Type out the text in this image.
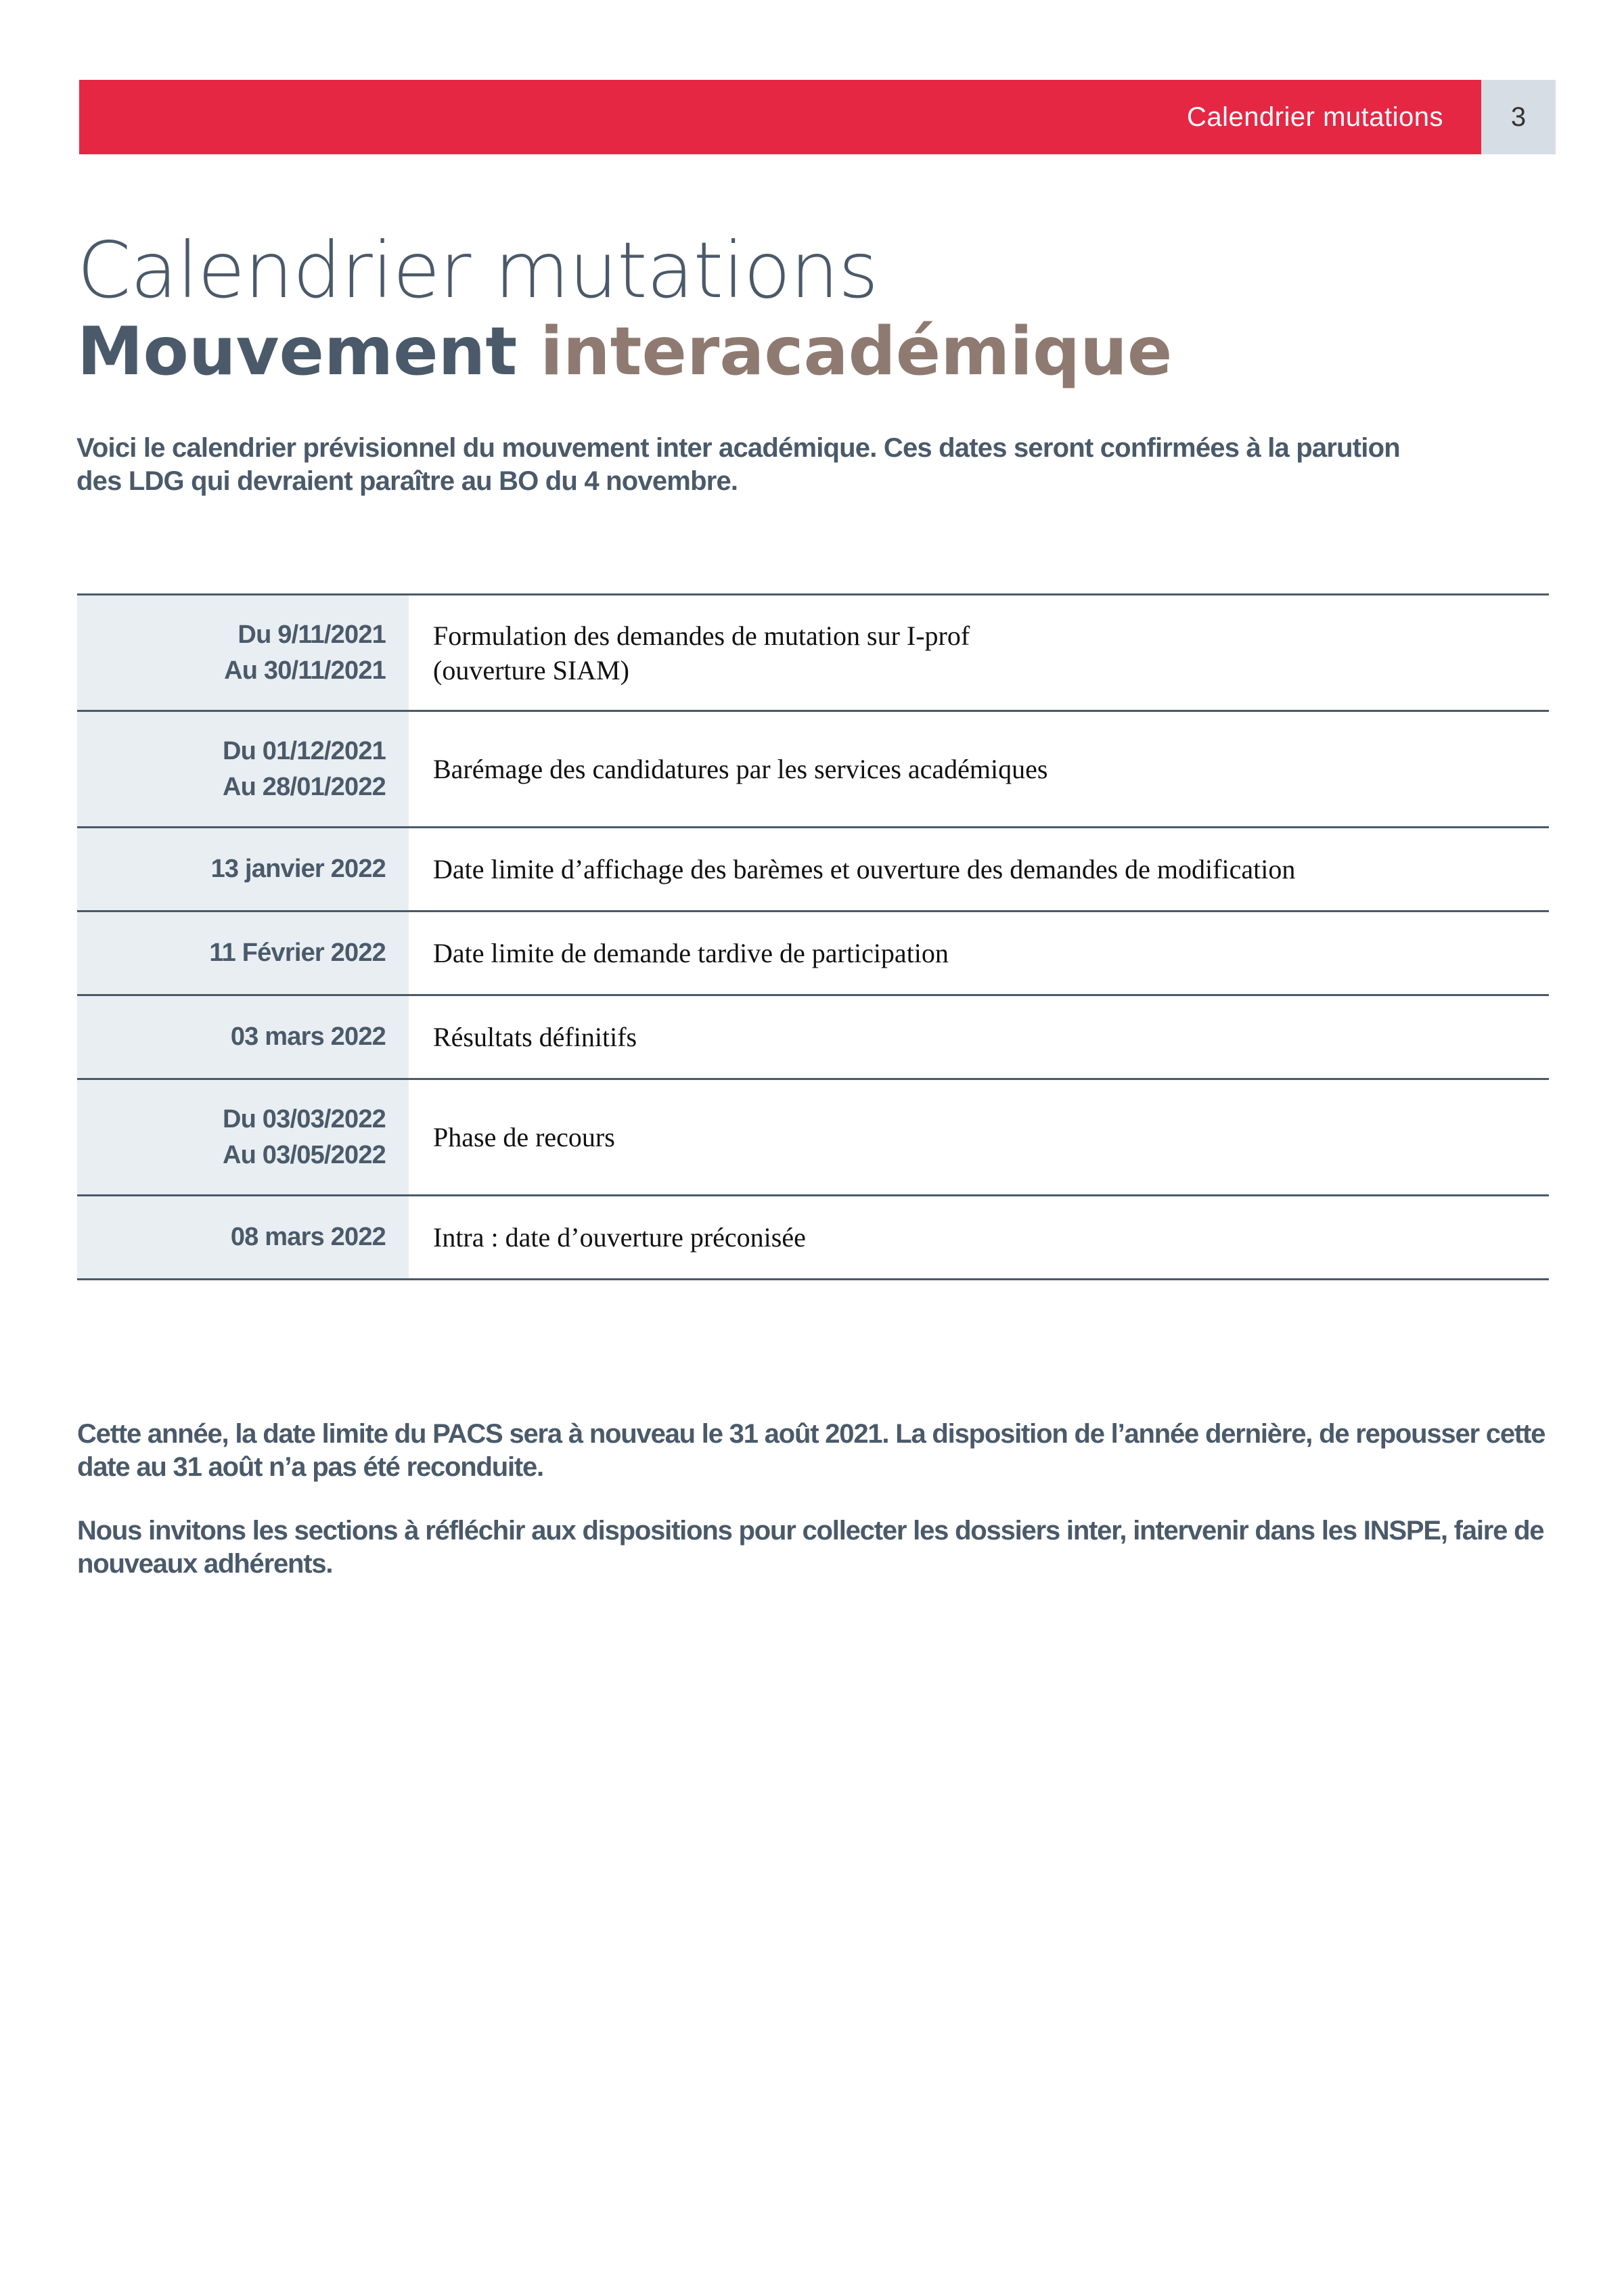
Calendrier mutations	3
Calendrier mutations
Mouvement interacadémique
Voici le calendrier prévisionnel du mouvement inter académique. Ces dates seront confirmées à la parution des LDG qui devraient paraître au BO du 4 novembre.
Du 9/11/2021
Au 30/11/2021
Formulation des demandes de mutation sur I-prof
(ouverture SIAM)
Du 01/12/2021
Au 28/01/2022
Barémage des candidatures par les services académiques
13 janvier 2022 Date limite d’affichage des barèmes et ouverture des demandes de modification
11 Février 2022 Date limite de demande tardive de participation
03 mars 2022 Résultats définitifs
Du 03/03/2022
Au 03/05/2022
Phase de recours
08 mars 2022 Intra : date d’ouverture préconisée

Cette année, la date limite du PACS sera à nouveau le 31 août 2021. La disposition de l’année dernière, de repousser cette date au 31 août n’a pas été reconduite.

Nous invitons les sections à réfléchir aux dispositions pour collecter les dossiers inter, intervenir dans les INSPE, faire de nouveaux adhérents.
